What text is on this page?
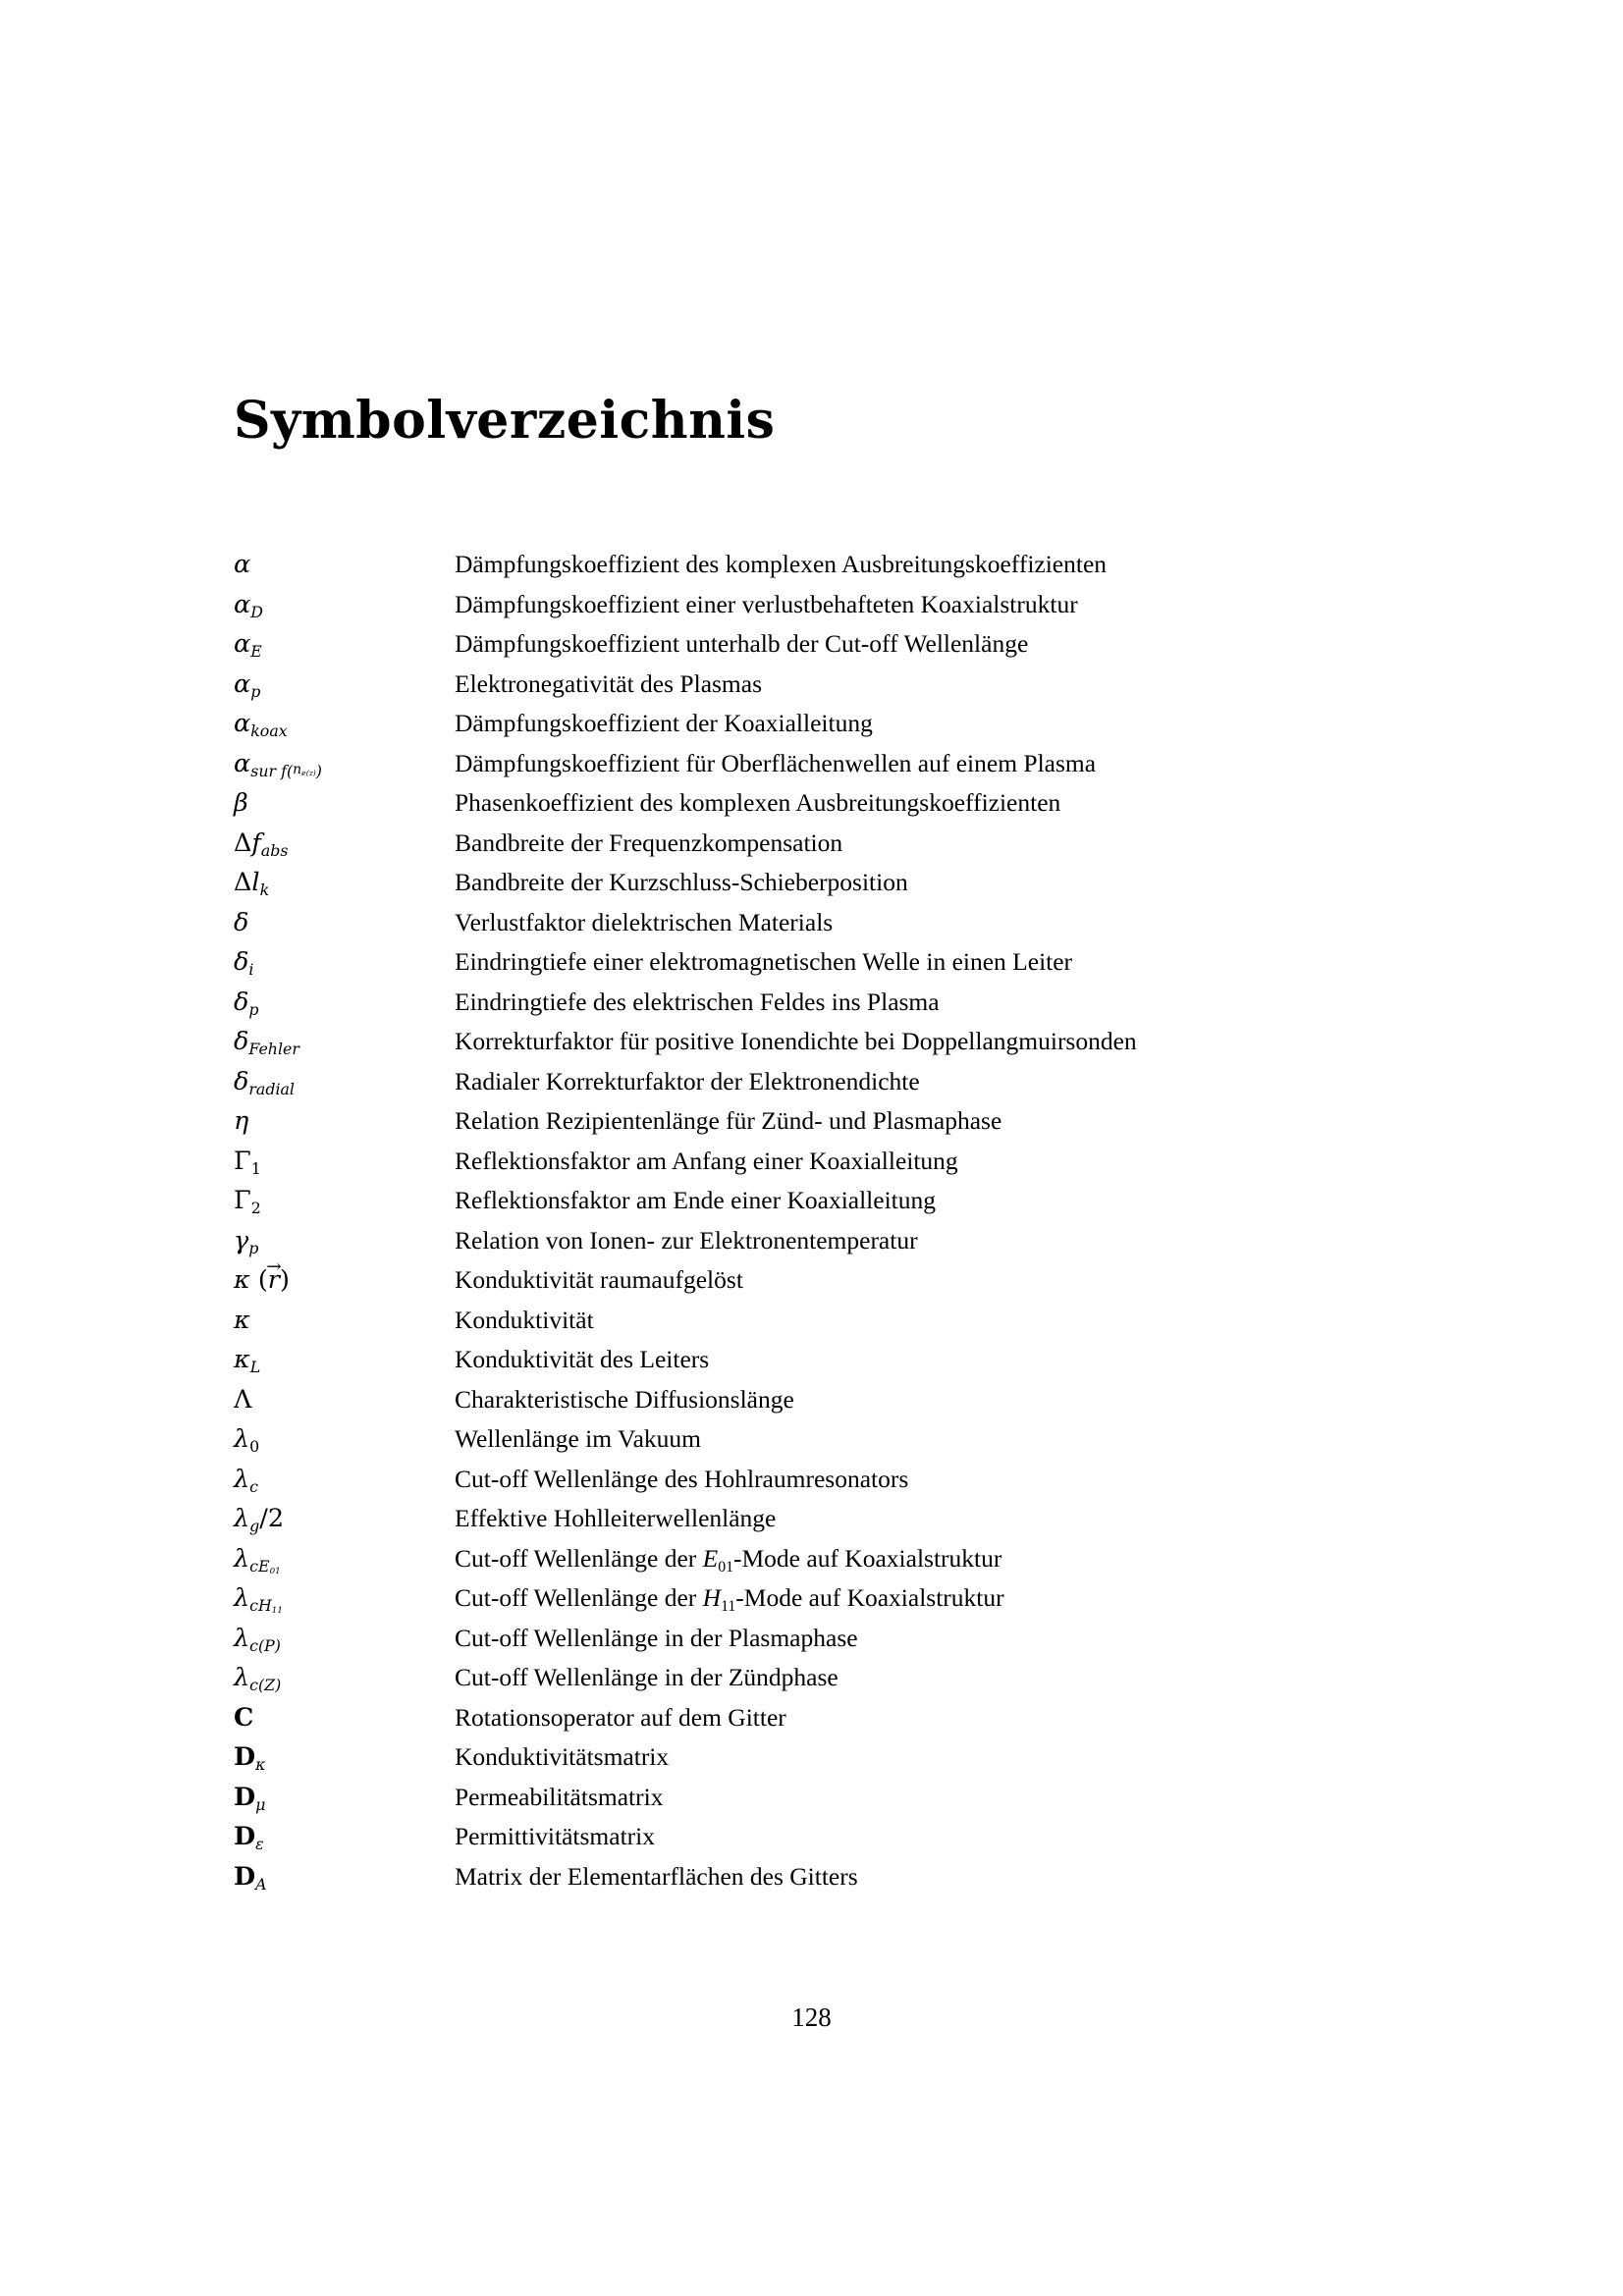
Symbolverzeichnis
α	Dämpfungskoeffizient des komplexen Ausbreitungskoeffizienten
$\alpha_D$	Dämpfungskoeffizient einer verlustbehafteten Koaxialstruktur
$\alpha_E$	Dämpfungskoeffizient unterhalb der Cut-off Wellenlänge
$\alpha_p$	Elektronegativität des Plasmas
$\alpha_{koax}$	Dämpfungskoeffizient der Koaxialleitung
$\alpha_{sur f(ne(z))}$	Dämpfungskoeffizient für Oberflächenwellen auf einem Plasma
β	Phasenkoeffizient des komplexen Ausbreitungskoeffizienten
$\Delta f_{abs}$	Bandbreite der Frequenzkompensation
$\Delta l_k$	Bandbreite der Kurzschluss-Schieberposition
δ	Verlustfaktor dielektrischen Materials
$\delta_i$	Eindringtiefe einer elektromagnetischen Welle in einen Leiter
$\delta_p$	Eindringtiefe des elektrischen Feldes ins Plasma
$\delta_{Fehler}$	Korrekturfaktor für positive Ionendichte bei Doppellangmuirsonden
$\delta_{radial}$	Radialer Korrekturfaktor der Elektronendichte
η	Relation Rezipientenlänge für Zünd- und Plasmaphase
$\Gamma_1$	Reflektionsfaktor am Anfang einer Koaxialleitung
$\Gamma_2$	Reflektionsfaktor am Ende einer Koaxialleitung
$\gamma_p$	Relation von Ionen- zur Elektronentemperatur
κ (r →)	Konduktivität raumaufgelöst
κ	Konduktivität
$\kappa_L$	Konduktivität des Leiters
Λ	Charakteristische Diffusionslänge
$\lambda_0$	Wellenlänge im Vakuum
$\lambda_c$	Cut-off Wellenlänge des Hohlraumresonators
$\lambda_g/2$	Effektive Hohlleiterwellenlänge
$\lambda_{cE01}$	Cut-off Wellenlänge der $E_{01}$-Mode auf Koaxialstruktur
$\lambda_{cH11}$	Cut-off Wellenlänge der $H_{11}$-Mode auf Koaxialstruktur
$\lambda_{c(P)}$	Cut-off Wellenlänge in der Plasmaphase
$\lambda_{c(Z)}$	Cut-off Wellenlänge in der Zündphase
C	Rotationsoperator auf dem Gitter
$D_\kappa$	Konduktivitätsmatrix
$D_\mu$	Permeabilitätsmatrix
$D_\varepsilon$	Permittivitätsmatrix
$D_A$	Matrix der Elementarflächen des Gitters
128
